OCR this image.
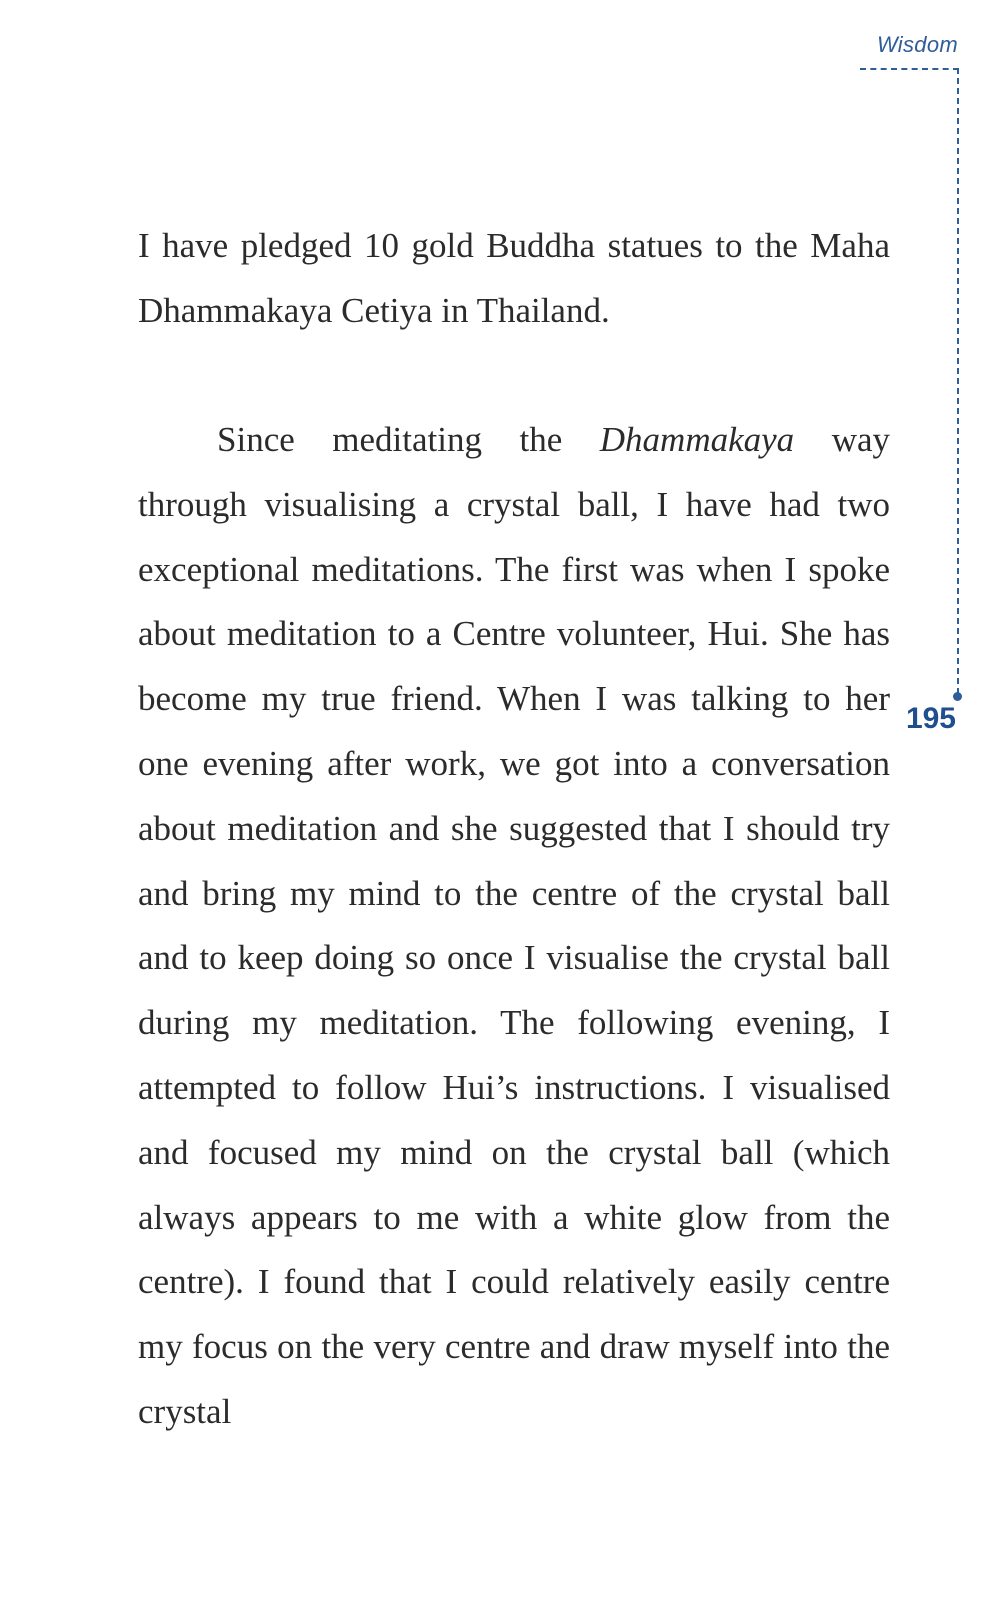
Wisdom
195

I have pledged 10 gold Buddha statues to the Maha Dhammakaya Cetiya in Thailand.

Since meditating the Dhammakaya way through visualising a crystal ball, I have had two exceptional meditations. The first was when I spoke about meditation to a Centre volunteer, Hui. She has become my true friend. When I was talking to her one evening after work, we got into a conversation about meditation and she suggested that I should try and bring my mind to the centre of the crystal ball and to keep doing so once I visualise the crystal ball during my meditation. The following evening, I attempted to follow Hui’s instructions. I visualised and focused my mind on the crystal ball (which always appears to me with a white glow from the centre). I found that I could relatively easily centre my focus on the very centre and draw myself into the crystal
